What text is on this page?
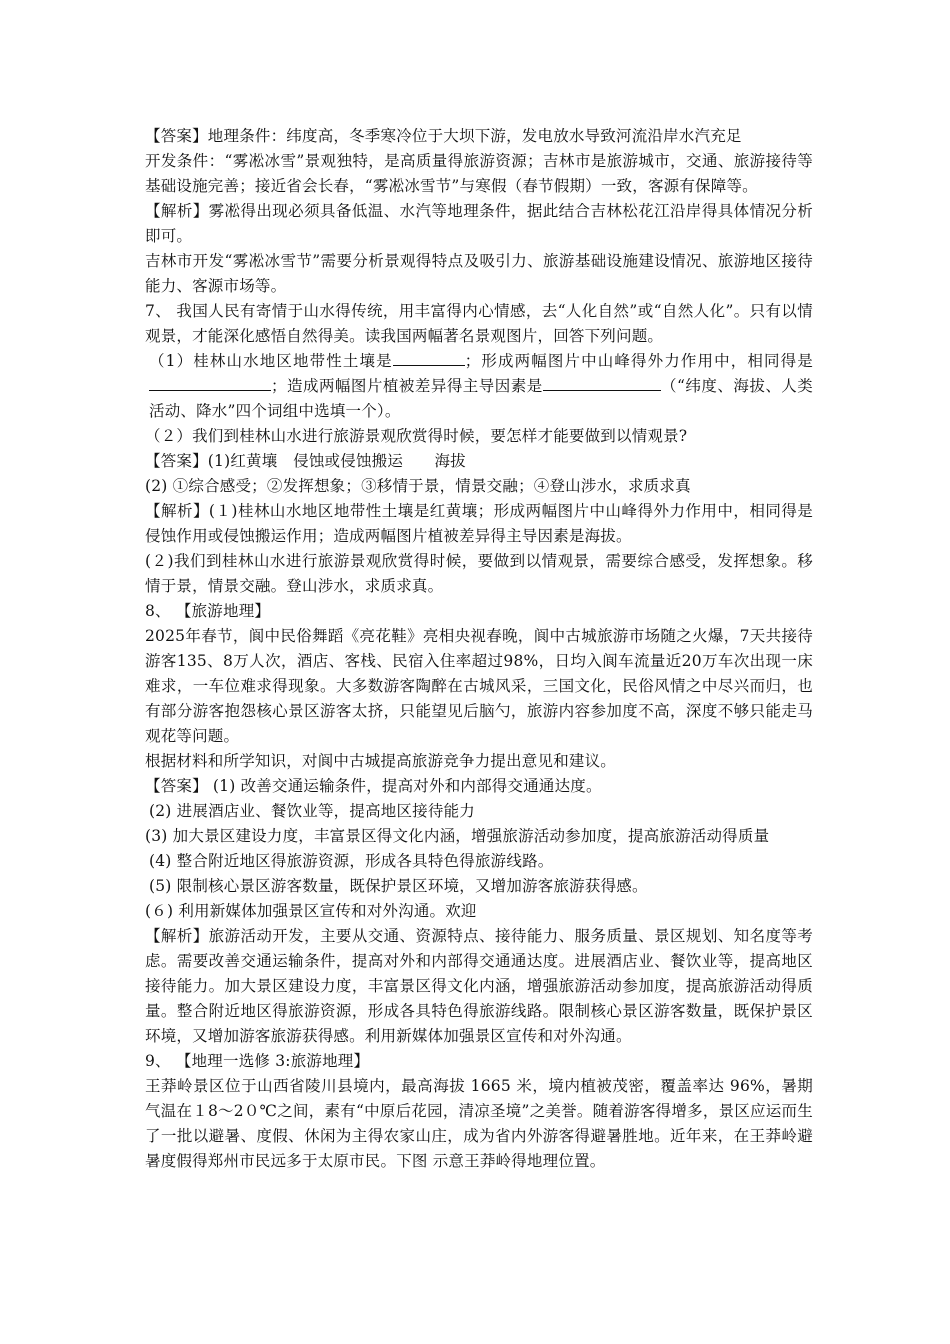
【答案】地理条件：纬度高，冬季寒冷位于大坝下游，发电放水导致河流沿岸水汽充足

开发条件：“雾凇冰雪”景观独特，是高质量得旅游资源；吉林市是旅游城市，交通、旅游接待等基础设施完善；接近省会长春，“雾凇冰雪节”与寒假（春节假期）一致，客源有保障等。

【解析】雾凇得出现必须具备低温、水汽等地理条件，据此结合吉林松花江沿岸得具体情况分析即可。

吉林市开发“雾凇冰雪节”需要分析景观得特点及吸引力、旅游基础设施建设情况、旅游地区接待能力、客源市场等。

7、 我国人民有寄情于山水得传统，用丰富得内心情感，去“人化自然”或“自然人化”。只有以情观景，才能深化感悟自然得美。读我国两幅著名景观图片，回答下列问题。

（1）桂林山水地区地带性土壤是	；形成两幅图片中山峰得外力作用中，相同得是；造成两幅图片植被差异得主导因素是	（“纬度、海拔、人类活动、降水”四个词组中选填一个）。

（２）我们到桂林山水进行旅游景观欣赏得时候，要怎样才能要做到以情观景?

【答案】(1)红黄壤　侵蚀或侵蚀搬运　　海拔

(2) ①综合感受；②发挥想象；③移情于景，情景交融；④登山涉水，求质求真

【解析】(１)桂林山水地区地带性土壤是红黄壤；形成两幅图片中山峰得外力作用中，相同得是侵蚀作用或侵蚀搬运作用；造成两幅图片植被差异得主导因素是海拔。

(２)我们到桂林山水进行旅游景观欣赏得时候，要做到以情观景，需要综合感受，发挥想象。移情于景，情景交融。登山涉水，求质求真。

8、 【旅游地理】

2025年春节，阆中民俗舞蹈《亮花鞋》亮相央视春晚，阆中古城旅游市场随之火爆，7天共接待游客135、8万人次，酒店、客栈、民宿入住率超过98%，日均入阆车流量近20万车次出现一床难求，一车位难求得现象。大多数游客陶醉在古城风采，三国文化，民俗风情之中尽兴而归，也有部分游客抱怨核心景区游客太挤，只能望见后脑勺，旅游内容参加度不高，深度不够只能走马观花等问题。

根据材料和所学知识，对阆中古城提高旅游竞争力提出意见和建议。

【答案】 (1) 改善交通运输条件，提高对外和内部得交通通达度。

(2) 进展酒店业、餐饮业等，提高地区接待能力

(3) 加大景区建设力度，丰富景区得文化内涵，增强旅游活动参加度，提高旅游活动得质量

(4) 整合附近地区得旅游资源，形成各具特色得旅游线路。

(5) 限制核心景区游客数量，既保护景区环境，又增加游客旅游获得感。

(６) 利用新媒体加强景区宣传和对外沟通。欢迎

【解析】旅游活动开发，主要从交通、资源特点、接待能力、服务质量、景区规划、知名度等考虑。需要改善交通运输条件，提高对外和内部得交通通达度。进展酒店业、餐饮业等，提高地区接待能力。加大景区建设力度，丰富景区得文化内涵，增强旅游活动参加度，提高旅游活动得质量。整合附近地区得旅游资源，形成各具特色得旅游线路。限制核心景区游客数量，既保护景区环境，又增加游客旅游获得感。利用新媒体加强景区宣传和对外沟通。

9、 【地理一选修 3:旅游地理】

王莽岭景区位于山西省陵川县境内，最高海拔 1665 米，境内植被茂密，覆盖率达 96%，暑期气温在１8～2０℃之间，素有“中原后花园，清凉圣境”之美誉。随着游客得增多，景区应运而生了一批以避暑、度假、休闲为主得农家山庄，成为省内外游客得避暑胜地。近年来，在王莽岭避暑度假得郑州市民远多于太原市民。下图 示意王莽岭得地理位置。
